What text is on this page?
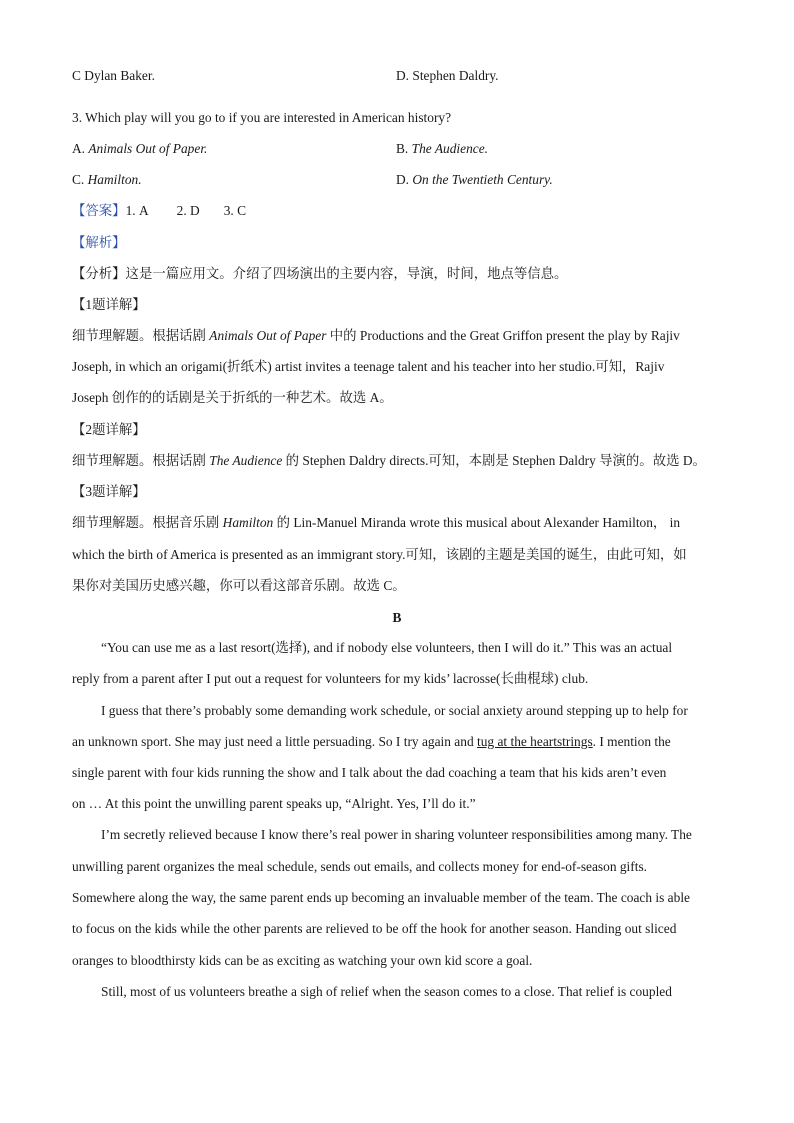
C Dylan Baker.	D. Stephen Daldry.
3. Which play will you go to if you are interested in American history?
A. Animals Out of Paper.	B. The Audience.
C. Hamilton.	D. On the Twentieth Century.
【答案】1. A 2. D 3. C
【解析】
【分析】这是一篇应用文。介绍了四场演出的主要内容，导演，时间，地点等信息。
【1题详解】
细节理解题。根据话剧 Animals Out of Paper 中的 Productions and the Great Griffon present the play by Rajiv
Joseph, in which an origami(折纸术) artist invites a teenage talent and his teacher into her studio.可知，Rajiv
Joseph 创作的的话剧是关于折纸的一种艺术。故选 A。
【2题详解】
细节理解题。根据话剧 The Audience 的 Stephen Daldry directs.可知，本剧是 Stephen Daldry 导演的。故选 D。
【3题详解】
细节理解题。根据音乐剧 Hamilton 的 Lin-Manuel Miranda wrote this musical about Alexander Hamilton， in
which the birth of America is presented as an immigrant story.可知，该剧的主题是美国的诞生，由此可知，如
果你对美国历史感兴趣，你可以看这部音乐剧。故选 C。
B
“You can use me as a last resort(选择), and if nobody else volunteers, then I will do it.” This was an actual
reply from a parent after I put out a request for volunteers for my kids’ lacrosse(长曲棍球) club.
I guess that there’s probably some demanding work schedule, or social anxiety around stepping up to help for
an unknown sport. She may just need a little persuading. So I try again and tug at the heartstrings. I mention the
single parent with four kids running the show and I talk about the dad coaching a team that his kids aren’t even
on … At this point the unwilling parent speaks up, “Alright. Yes, I’ll do it.”
I’m secretly relieved because I know there’s real power in sharing volunteer responsibilities among many. The
unwilling parent organizes the meal schedule, sends out emails, and collects money for end-of-season gifts.
Somewhere along the way, the same parent ends up becoming an invaluable member of the team. The coach is able
to focus on the kids while the other parents are relieved to be off the hook for another season. Handing out sliced
oranges to bloodthirsty kids can be as exciting as watching your own kid score a goal.
Still, most of us volunteers breathe a sigh of relief when the season comes to a close. That relief is coupled
